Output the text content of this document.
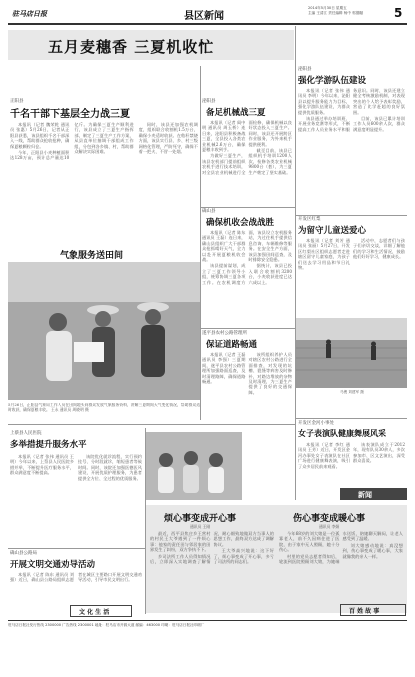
驻马店日报
2014年5月30日 星期五
主编 王清江 责任编辑 杨中 郭德樾
县区新闻	5
五月麦穗香 三夏机收忙
正阳县
千名干部下基层全力战三夏

本报讯（记者 魏荣乾 通讯员 张惠）5月26日，记者从正阳县获悉，该县组织千名干部深入一线，帮助群众抢收抢种，确保夏粮颗粒归仓。

今年，正阳县小麦种植面积达128万亩，预计总产量达10亿斤。为确保三夏生产顺利进行，该县成立了三夏生产指挥部，制定了三夏生产工作方案，从县直单位抽调干部组成工作组，分包到各乡镇、村，帮助群众解决实际困难。

同时，该县还加强农机调度，组织联合收割机1.5万台，确保小麦适时收获。在秸秆禁烧方面，该县实行县、乡、村三级网格化管理，严防死守，确保不着一把火、不冒一处烟。

泌阳县
备足机械战三夏

本报讯（记者 阎中明 通讯员 周玉桥）连日来，泌阳县积极备战三夏，全县投入各类农业机械2.6万台，确保夏粮丰收到手。

为做好三夏生产，该县农机部门提前组织农机手进行技术培训，对全县农业机械进行全面检修，确保机械以良好状态投入三夏生产。同时，该县还开展跨区作业服务，为外来机手提供便利。

截至目前，该县已组织机手培训1200人次，检修各类农业机械9800台（套），为三夏生产奠定了坚实基础。

气象服务送田间
5月26日，正阳县气象局工作人员在田间地头向群众发放气象服务资料，讲解三夏期间天气变化情况，帮助群众适时收获，确保夏粮丰收。 王永 通讯员 周晓明 摄
确山县
确保机收会战战胜

本报讯（记者 陈东 通讯员 王磊）连日来，确山县组织广大干部群众抢抓晴好天气，全力以赴开展夏粮机收会战。

该县提前谋划，成立了三夏工作领导小组，统筹协调三夏各项工作。在农机调度方面，该县设立农机服务站，为过往机手提供信息咨询、车辆维修等服务。在安全生产方面，该县加强田间巡查，及时排除安全隐患。

据统计，该县已投入联合收割机3200台，小麦收获进度已达六成以上。

遂平县农村公路管理所
保证道路畅通

本报讯（记者 王磊 通讯员 李强）三夏期间，遂平县农村公路管理所加强路面巡查，及时清理路障，确保道路畅通。

该所组织养护人员对辖区农村公路进行全面排查，对发现的坑槽、裂缝等病害及时修补，对路边堆放的杂物及时清理，为三夏生产提供了良好的交通保障。

泌阳县
强化学游队伍建设

本报讯（记者 张伟 通讯员 李明）今年以来，泌阳县以提升服务能力为目标，强化学游队伍建设，为群众提供优质服务。

该县通过举办培训班、开展业务竞赛等形式，不断提高工作人员业务水平和服务意识。同时，该县还建立健全考核激励机制，对表现突出的个人给予表彰奖励，营造了比学赶超的良好氛围。

目前，该县已累计培训工作人员600余人次，群众满意度明显提升。

开发区红梨
为留守儿童送爱心

本报讯（记者 刘芳 通讯员 张丽）5月27日，开发区红梨社区组织志愿者走进辖区留守儿童家庭，为孩子们送去学习用品和节日礼物。

活动中，志愿者们与孩子们亲切交谈，详细了解他们的学习和生活情况，鼓励他们好好学习，健康成长。

马俊 刘建军 摄
开发区金河小事处
女子表演队健康舞展风采

本报讯（记者 李红 通讯员 王芳）近日，开发区金河办事处女子表演队在社区广场进行健康舞表演，吸引了众多居民前来观看。

该表演队成立于2012年，现有队员30余人，多次参加市、区文艺演出，深受群众喜爱。

新闻
上蔡县人民医院
多举措提升服务水平

本报讯（记者 张伟 通讯员 王明）今年以来，上蔡县人民医院多措并举，不断提升医疗服务水平，群众满意度不断提高。

该院优化就诊流程，实行预约挂号、分时段就诊，缩短患者等候时间。同时，该院还加强医德医风建设，开展优质护理服务，为患者提供全方位、全过程的优质服务。

确山县公路局
开展文明交通劝导活动

本报讯（记者 陈东 通讯员 刘强）近日，确山县公路局组织志愿者在城区主要路口开展文明交通劝导活动，引导市民文明出行。

烦心事变成开心事
通讯员 王刚

最近，西平县焦庄乡王营村的村民王大爷遇到了一件烦心事：他家的责任田与邻居家的田界发生了纠纷，双方争执不下。

乡司法所工作人员得知情况后，立即深入实地调查了解情况，耐心细致地做双方当事人的思想工作，最终双方达成了调解协议。

王大爷高兴地说：这下好了，烦心事变成了开心事，多亏了司法所的同志们。

伤心事变成暖心事
通讯员 李娟

今年68岁的刘大娘是一位孤寡老人，前不久因病住进了医院，由于家中无人照顾，她十分伤心。

村里的党员志愿者得知后，轮流到医院照顾刘大娘，为她端水送饭，陪她聊天解闷，让老人感受到了温暖。

刘大娘感动地说：真没想到，伤心事变成了暖心事，大家就像我的亲人一样。

文 化 生 活	百 姓 故 事
驻马店日报社发行热线 2300000 广告热线 2300001 地址：驻马店市开源大道 邮编：463000 印刷：驻马店日报社印刷厂
